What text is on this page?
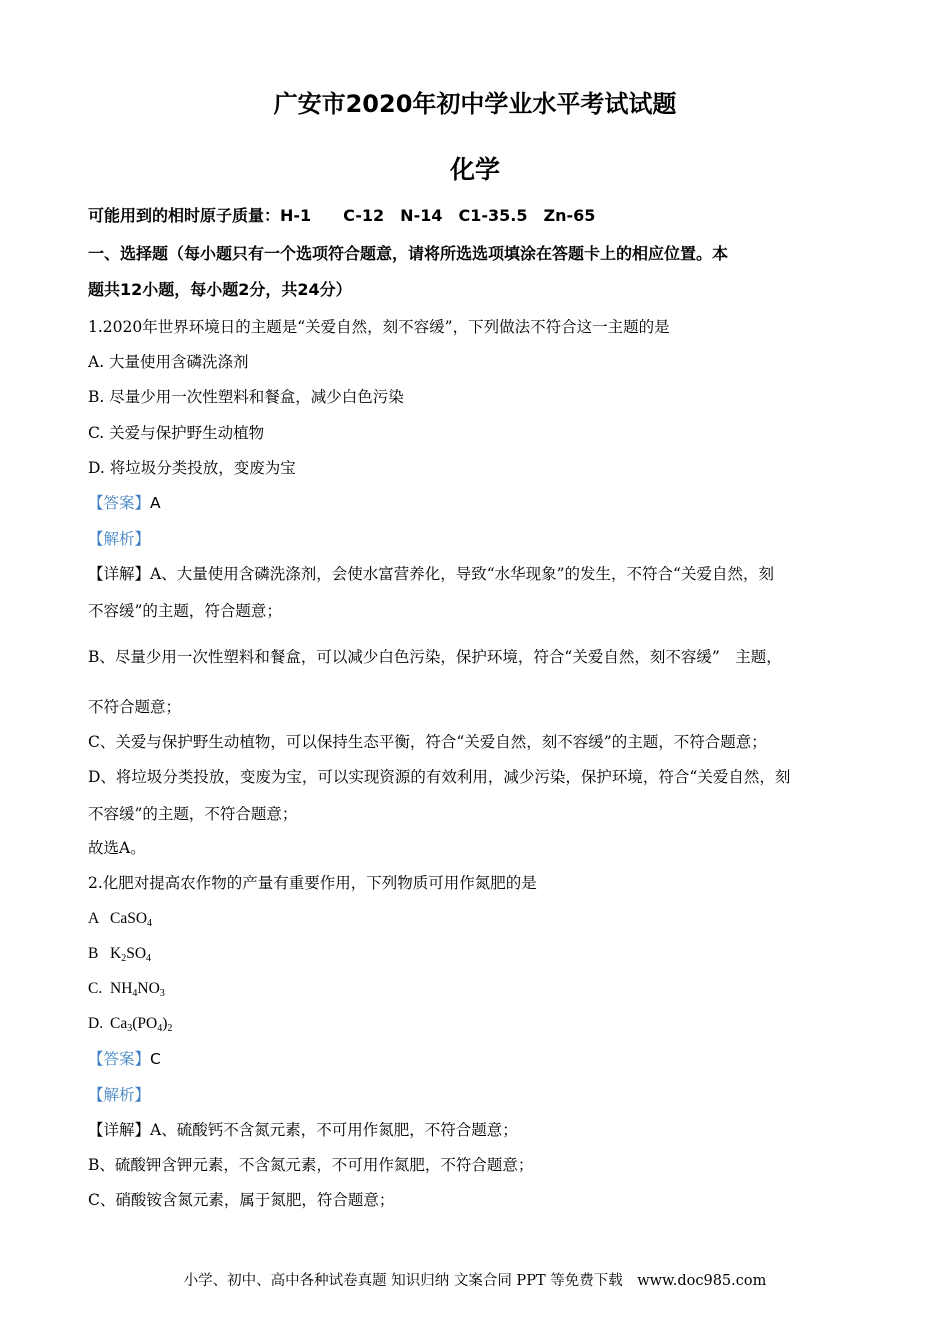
广安市2020年初中学业水平考试试题
化学
可能用到的相时原子质量：H-1　　C-12　N-14　C1-35.5　Zn-65
一、选择题（每小题只有一个选项符合题意，请将所选选项填涂在答题卡上的相应位置。本
题共12小题，每小题2分，共24分）
1.2020年世界环境日的主题是“关爱自然，刻不容缓”，下列做法不符合这一主题的是
A. 大量使用含磷洗涤剂
B. 尽量少用一次性塑料和餐盒，减少白色污染
C. 关爱与保护野生动植物
D. 将垃圾分类投放，变废为宝
【答案】A
【解析】
【详解】A、大量使用含磷洗涤剂，会使水富营养化，导致“水华现象”的发生，不符合“关爱自然，刻
不容缓”的主题，符合题意；
B、尽量少用一次性塑料和餐盒，可以减少白色污染，保护环境，符合“关爱自然，刻不容缓”　主题，
不符合题意；
C、关爱与保护野生动植物，可以保持生态平衡，符合“关爱自然，刻不容缓”的主题，不符合题意；
D、将垃圾分类投放，变废为宝，可以实现资源的有效利用，减少污染，保护环境，符合“关爱自然，刻
不容缓”的主题，不符合题意；
故选A。
2.化肥对提高农作物的产量有重要作用，下列物质可用作氮肥的是
A CaSO$_4$
B $K_2SO_4$
C. $NH_4NO_3$
D. $Ca_3(PO_4)_2$
【答案】C
【解析】
【详解】A、硫酸钙不含氮元素，不可用作氮肥，不符合题意；
B、硫酸钾含钾元素，不含氮元素，不可用作氮肥，不符合题意；
C、硝酸铵含氮元素，属于氮肥，符合题意；
小学、初中、高中各种试卷真题 知识归纳 文案合同 PPT 等免费下载　www.doc985.com
